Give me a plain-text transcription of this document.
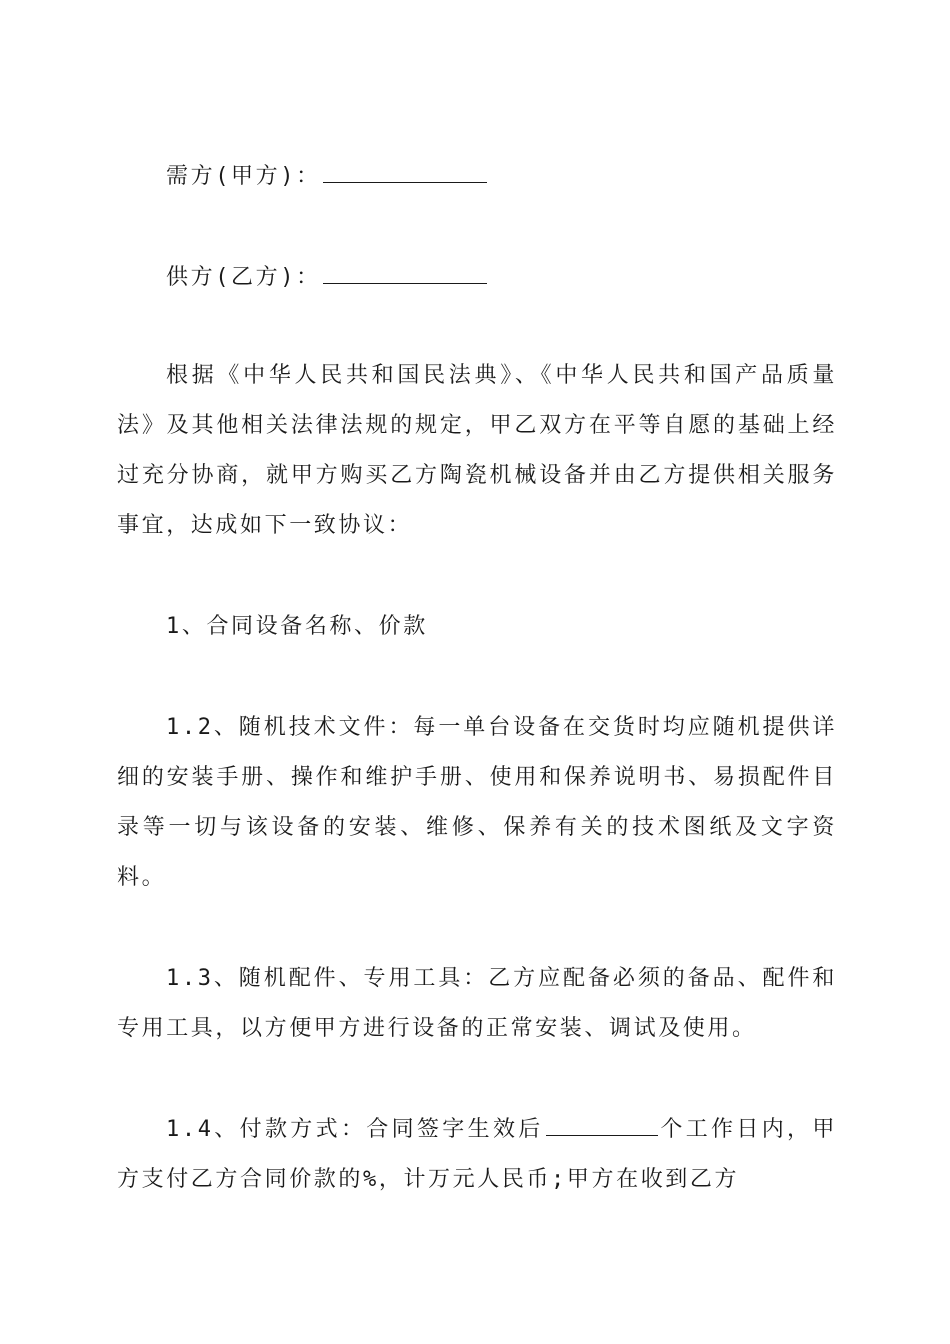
需方(甲方)：

供方(乙方)：

根据《中华人民共和国民法典》、《中华人民共和国产品质量法》及其他相关法律法规的规定，甲乙双方在平等自愿的基础上经过充分协商，就甲方购买乙方陶瓷机械设备并由乙方提供相关服务事宜，达成如下一致协议：

1、合同设备名称、价款

1.2、随机技术文件：每一单台设备在交货时均应随机提供详细的安装手册、操作和维护手册、使用和保养说明书、易损配件目录等一切与该设备的安装、维修、保养有关的技术图纸及文字资料。

1.3、随机配件、专用工具：乙方应配备必须的备品、配件和专用工具，以方便甲方进行设备的正常安装、调试及使用。

1.4、付款方式：合同签字生效后	个工作日内，甲方支付乙方合同价款的%，计万元人民币;甲方在收到乙方
